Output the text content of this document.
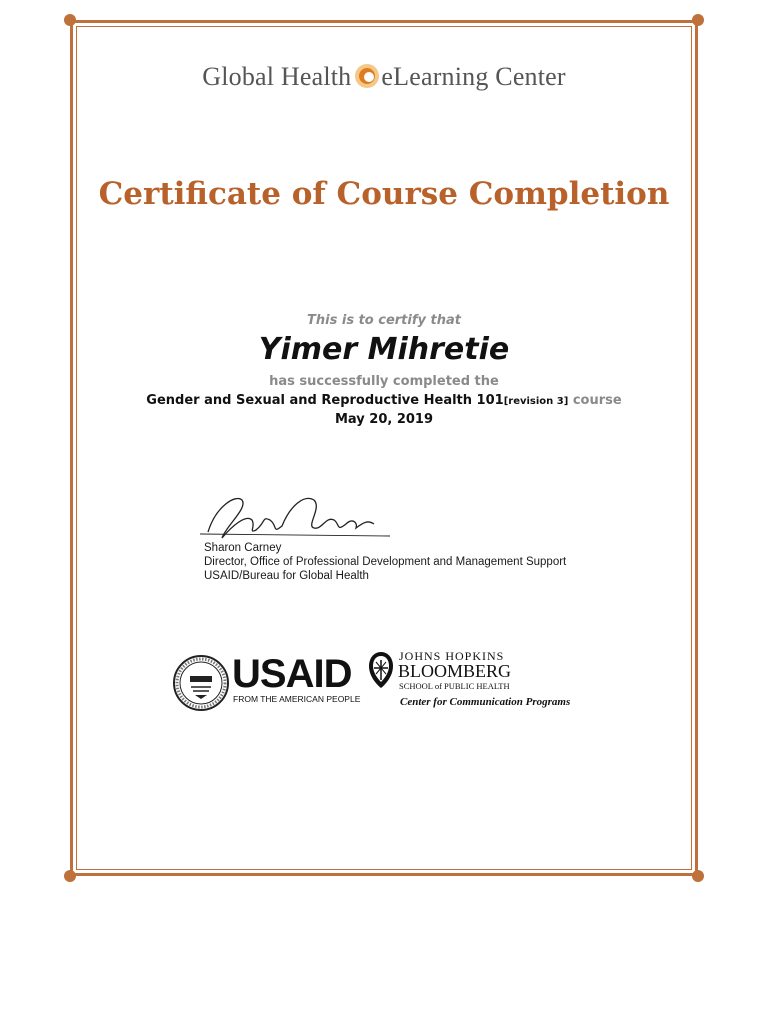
Global Health eLearning Center
Certificate of Course Completion
This is to certify that
Yimer Mihretie
has successfully completed the
Gender and Sexual and Reproductive Health 101[revision 3] course
May 20, 2019
Sharon Carney
Director, Office of Professional Development and Management Support
USAID/Bureau for Global Health
USAID
FROM THE AMERICAN PEOPLE
JOHNS HOPKINS
BLOOMBERG
SCHOOL of PUBLIC HEALTH
Center for Communication Programs
